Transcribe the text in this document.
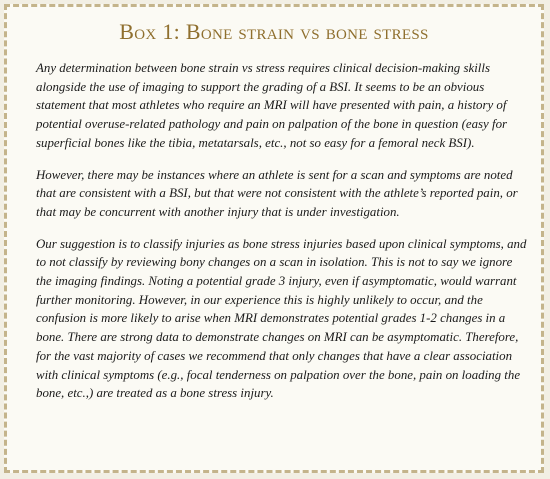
Box 1: Bone strain vs bone stress

Any determination between bone strain vs stress requires clinical decision-making skills alongside the use of imaging to support the grading of a BSI. It seems to be an obvious statement that most athletes who require an MRI will have presented with pain, a history of potential overuse-related pathology and pain on palpation of the bone in question (easy for superficial bones like the tibia, metatarsals, etc., not so easy for a femoral neck BSI).

However, there may be instances where an athlete is sent for a scan and symptoms are noted that are consistent with a BSI, but that were not consistent with the athlete’s reported pain, or that may be concurrent with another injury that is under investigation.

Our suggestion is to classify injuries as bone stress injuries based upon clinical symptoms, and to not classify by reviewing bony changes on a scan in isolation. This is not to say we ignore the imaging findings. Noting a potential grade 3 injury, even if asymptomatic, would warrant further monitoring. However, in our experience this is highly unlikely to occur, and the confusion is more likely to arise when MRI demonstrates potential grades 1-2 changes in a bone. There are strong data to demonstrate changes on MRI can be asymptomatic. Therefore, for the vast majority of cases we recommend that only changes that have a clear association with clinical symptoms (e.g., focal tenderness on palpation over the bone, pain on loading the bone, etc.,) are treated as a bone stress injury.
